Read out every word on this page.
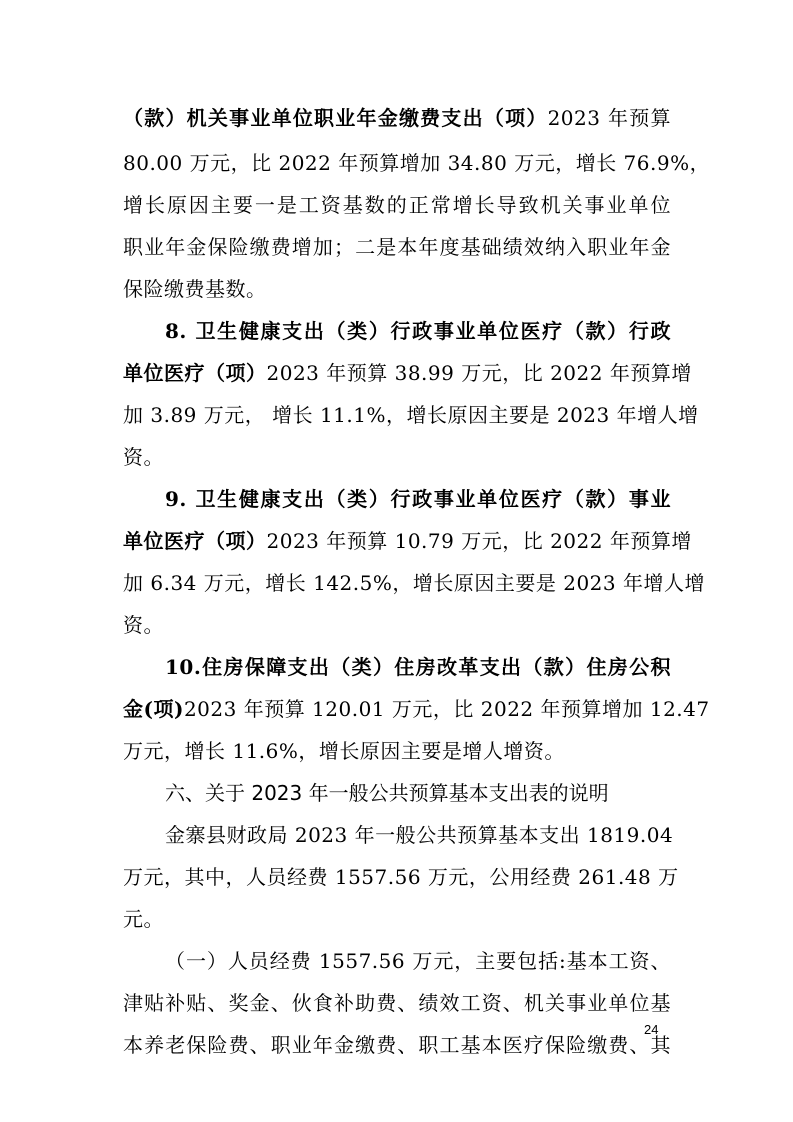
（款）机关事业单位职业年金缴费支出（项）2023 年预算
80.00 万元，比 2022 年预算增加 34.80 万元，增长 76.9%，
增长原因主要一是工资基数的正常增长导致机关事业单位
职业年金保险缴费增加；二是本年度基础绩效纳入职业年金
保险缴费基数。
8. 卫生健康支出（类）行政事业单位医疗（款）行政
单位医疗（项）2023 年预算 38.99 万元，比 2022 年预算增
加 3.89 万元， 增长 11.1%，增长原因主要是 2023 年增人增
资。
9. 卫生健康支出（类）行政事业单位医疗（款）事业
单位医疗（项）2023 年预算 10.79 万元，比 2022 年预算增
加 6.34 万元，增长 142.5%，增长原因主要是 2023 年增人增
资。
10.住房保障支出（类）住房改革支出（款）住房公积
金(项)2023 年预算 120.01 万元，比 2022 年预算增加 12.47
万元，增长 11.6%，增长原因主要是增人增资。
六、关于 2023 年一般公共预算基本支出表的说明
金寨县财政局 2023 年一般公共预算基本支出 1819.04
万元，其中，人员经费 1557.56 万元，公用经费 261.48 万
元。
（一）人员经费 1557.56 万元，主要包括:基本工资、
津贴补贴、奖金、伙食补助费、绩效工资、机关事业单位基
本养老保险费、职业年金缴费、职工基本医疗保险缴费、其
24
